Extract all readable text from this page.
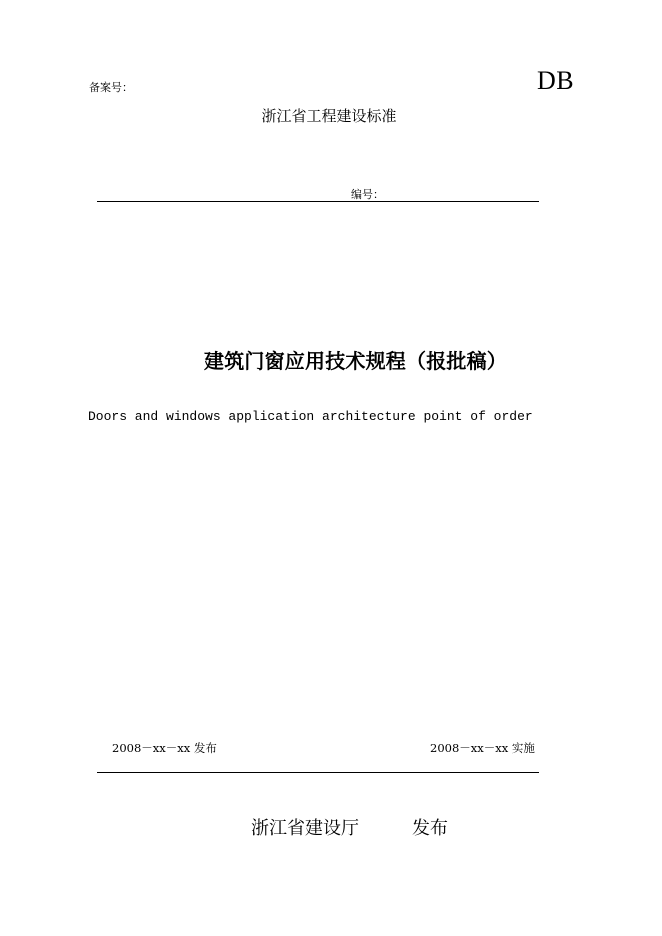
备案号：	DB
浙江省工程建设标准
编号：
建筑门窗应用技术规程（报批稿）
Doors and windows application architecture point of order
2008－xx－xx 发布	2008－xx－xx 实施
浙江省建设厅	发布
